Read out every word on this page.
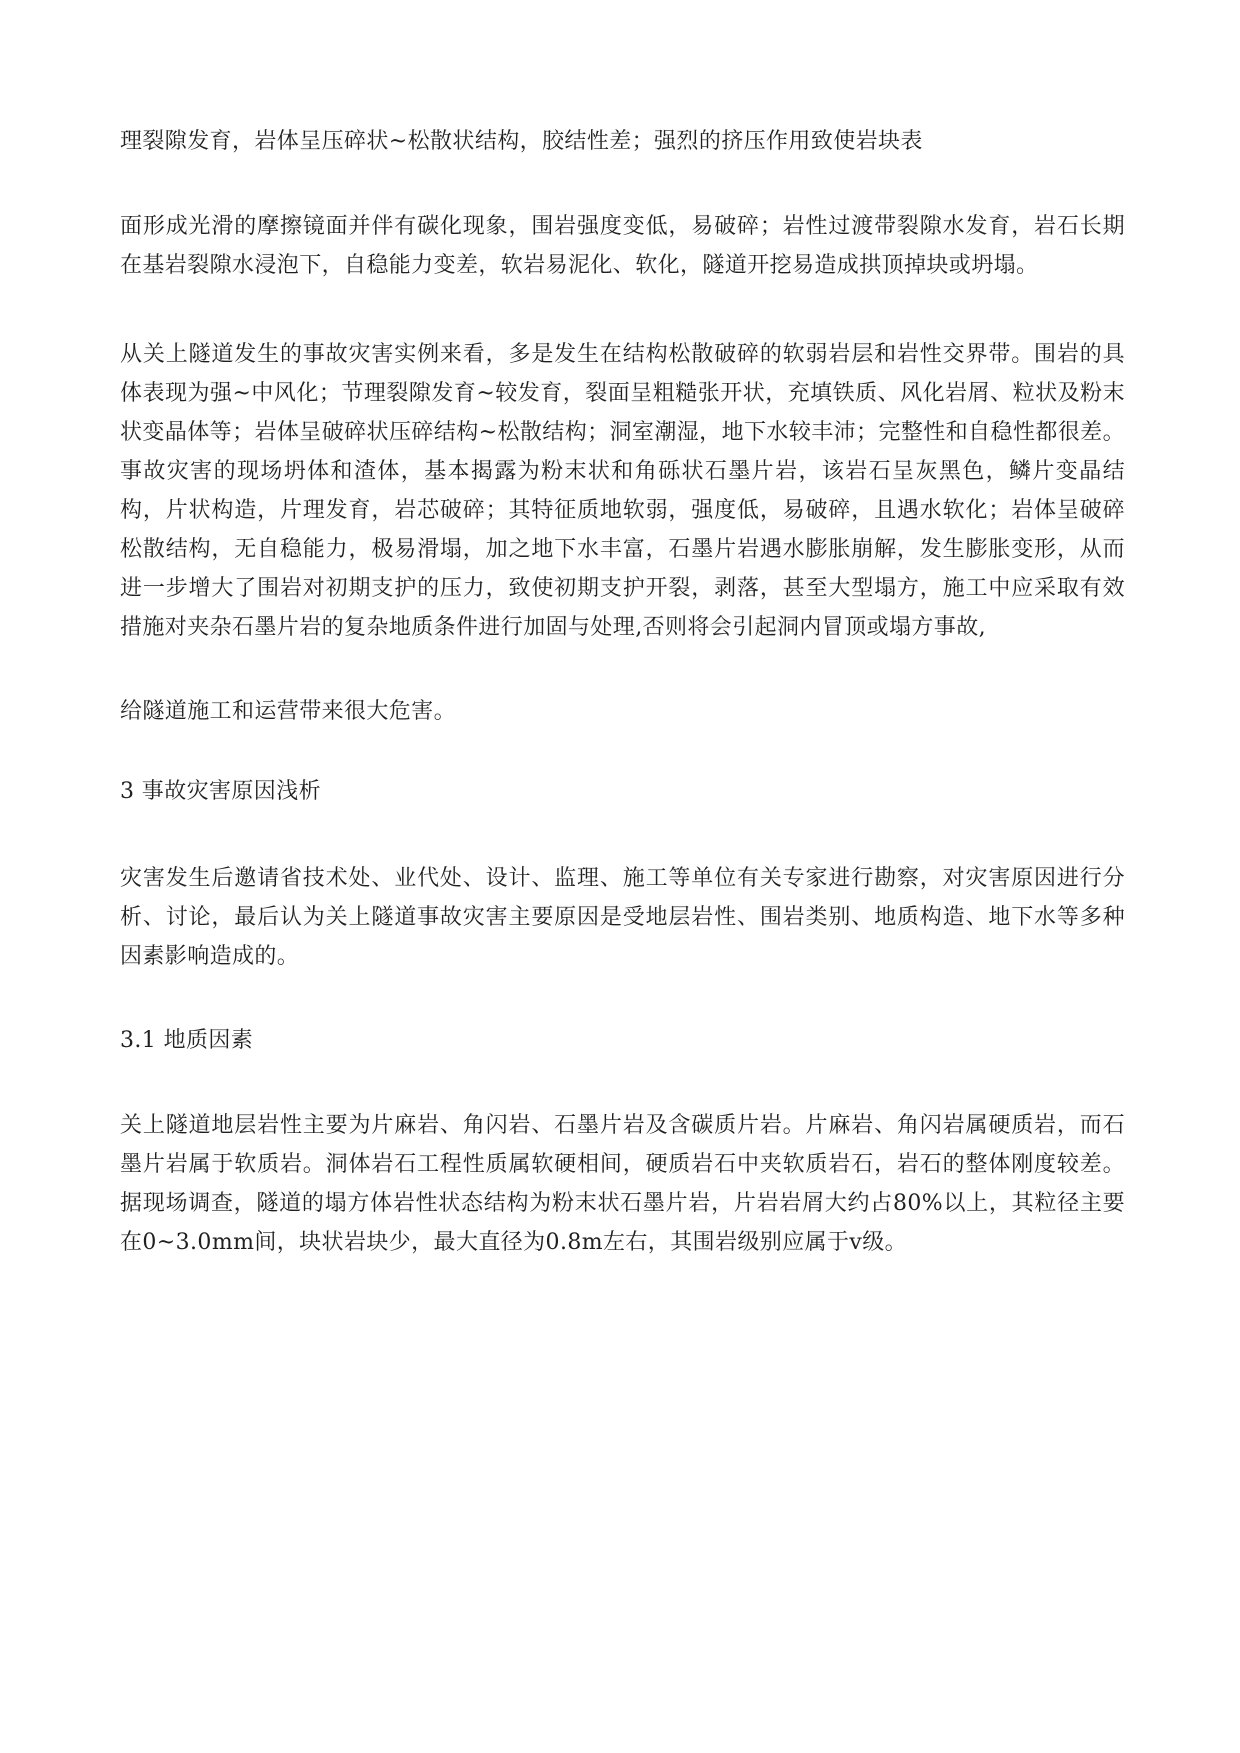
理裂隙发育，岩体呈压碎状~松散状结构，胶结性差；强烈的挤压作用致使岩块表

面形成光滑的摩擦镜面并伴有碳化现象，围岩强度变低，易破碎；岩性过渡带裂隙水发育，岩石长期在基岩裂隙水浸泡下，自稳能力变差，软岩易泥化、软化，隧道开挖易造成拱顶掉块或坍塌。

从关上隧道发生的事故灾害实例来看，多是发生在结构松散破碎的软弱岩层和岩性交界带。围岩的具体表现为强~中风化；节理裂隙发育~较发育，裂面呈粗糙张开状，充填铁质、风化岩屑、粒状及粉末状变晶体等；岩体呈破碎状压碎结构~松散结构；洞室潮湿，地下水较丰沛；完整性和自稳性都很差。事故灾害的现场坍体和渣体，基本揭露为粉末状和角砾状石墨片岩，该岩石呈灰黑色，鳞片变晶结构，片状构造，片理发育，岩芯破碎；其特征质地软弱，强度低，易破碎，且遇水软化；岩体呈破碎松散结构，无自稳能力，极易滑塌，加之地下水丰富，石墨片岩遇水膨胀崩解，发生膨胀变形，从而进一步增大了围岩对初期支护的压力，致使初期支护开裂，剥落，甚至大型塌方，施工中应采取有效措施对夹杂石墨片岩的复杂地质条件进行加固与处理,否则将会引起洞内冒顶或塌方事故,

给隧道施工和运营带来很大危害。

3 事故灾害原因浅析

灾害发生后邀请省技术处、业代处、设计、监理、施工等单位有关专家进行勘察，对灾害原因进行分析、讨论，最后认为关上隧道事故灾害主要原因是受地层岩性、围岩类别、地质构造、地下水等多种因素影响造成的。

3.1 地质因素

关上隧道地层岩性主要为片麻岩、角闪岩、石墨片岩及含碳质片岩。片麻岩、角闪岩属硬质岩，而石墨片岩属于软质岩。洞体岩石工程性质属软硬相间，硬质岩石中夹软质岩石，岩石的整体刚度较差。据现场调查，隧道的塌方体岩性状态结构为粉末状石墨片岩，片岩岩屑大约占80%以上，其粒径主要在0~3.0mm间，块状岩块少，最大直径为0.8m左右，其围岩级别应属于v级。
